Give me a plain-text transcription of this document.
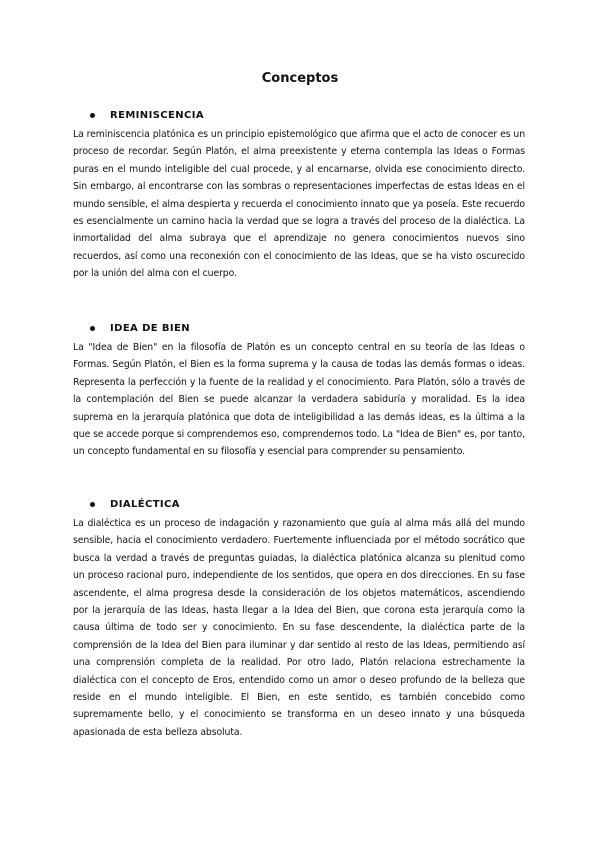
Conceptos
REMINISCENCIA

La reminiscencia platónica es un principio epistemológico que afirma que el acto de conocer es un proceso de recordar. Según Platón, el alma preexistente y eterna contempla las Ideas o Formas puras en el mundo inteligible del cual procede, y al encarnarse, olvida ese conocimiento directo. Sin embargo, al encontrarse con las sombras o representaciones imperfectas de estas Ideas en el mundo sensible, el alma despierta y recuerda el conocimiento innato que ya poseía. Este recuerdo es esencialmente un camino hacia la verdad que se logra a través del proceso de la dialéctica. La inmortalidad del alma subraya que el aprendizaje no genera conocimientos nuevos sino recuerdos, así como una reconexión con el conocimiento de las Ideas, que se ha visto oscurecido por la unión del alma con el cuerpo.

IDEA DE BIEN

La "Idea de Bien" en la filosofía de Platón es un concepto central en su teoría de las Ideas o Formas. Según Platón, el Bien es la forma suprema y la causa de todas las demás formas o ideas. Representa la perfección y la fuente de la realidad y el conocimiento. Para Platón, sólo a través de la contemplación del Bien se puede alcanzar la verdadera sabiduría y moralidad. Es la idea suprema en la jerarquía platónica que dota de inteligibilidad a las demás ideas, es la última a la que se accede porque si comprendemos eso, comprendemos todo. La "Idea de Bien" es, por tanto, un concepto fundamental en su filosofía y esencial para comprender su pensamiento.

DIALÉCTICA

La dialéctica es un proceso de indagación y razonamiento que guía al alma más allá del mundo sensible, hacia el conocimiento verdadero. Fuertemente influenciada por el método socrático que busca la verdad a través de preguntas guiadas, la dialéctica platónica alcanza su plenitud como un proceso racional puro, independiente de los sentidos, que opera en dos direcciones. En su fase ascendente, el alma progresa desde la consideración de los objetos matemáticos, ascendiendo por la jerarquía de las Ideas, hasta llegar a la Idea del Bien, que corona esta jerarquía como la causa última de todo ser y conocimiento. En su fase descendente, la dialéctica parte de la comprensión de la Idea del Bien para iluminar y dar sentido al resto de las Ideas, permitiendo así una comprensión completa de la realidad. Por otro lado, Platón relaciona estrechamente la dialéctica con el concepto de Eros, entendido como un amor o deseo profundo de la belleza que reside en el mundo inteligible. El Bien, en este sentido, es también concebido como supremamente bello, y el conocimiento se transforma en un deseo innato y una búsqueda apasionada de esta belleza absoluta.
